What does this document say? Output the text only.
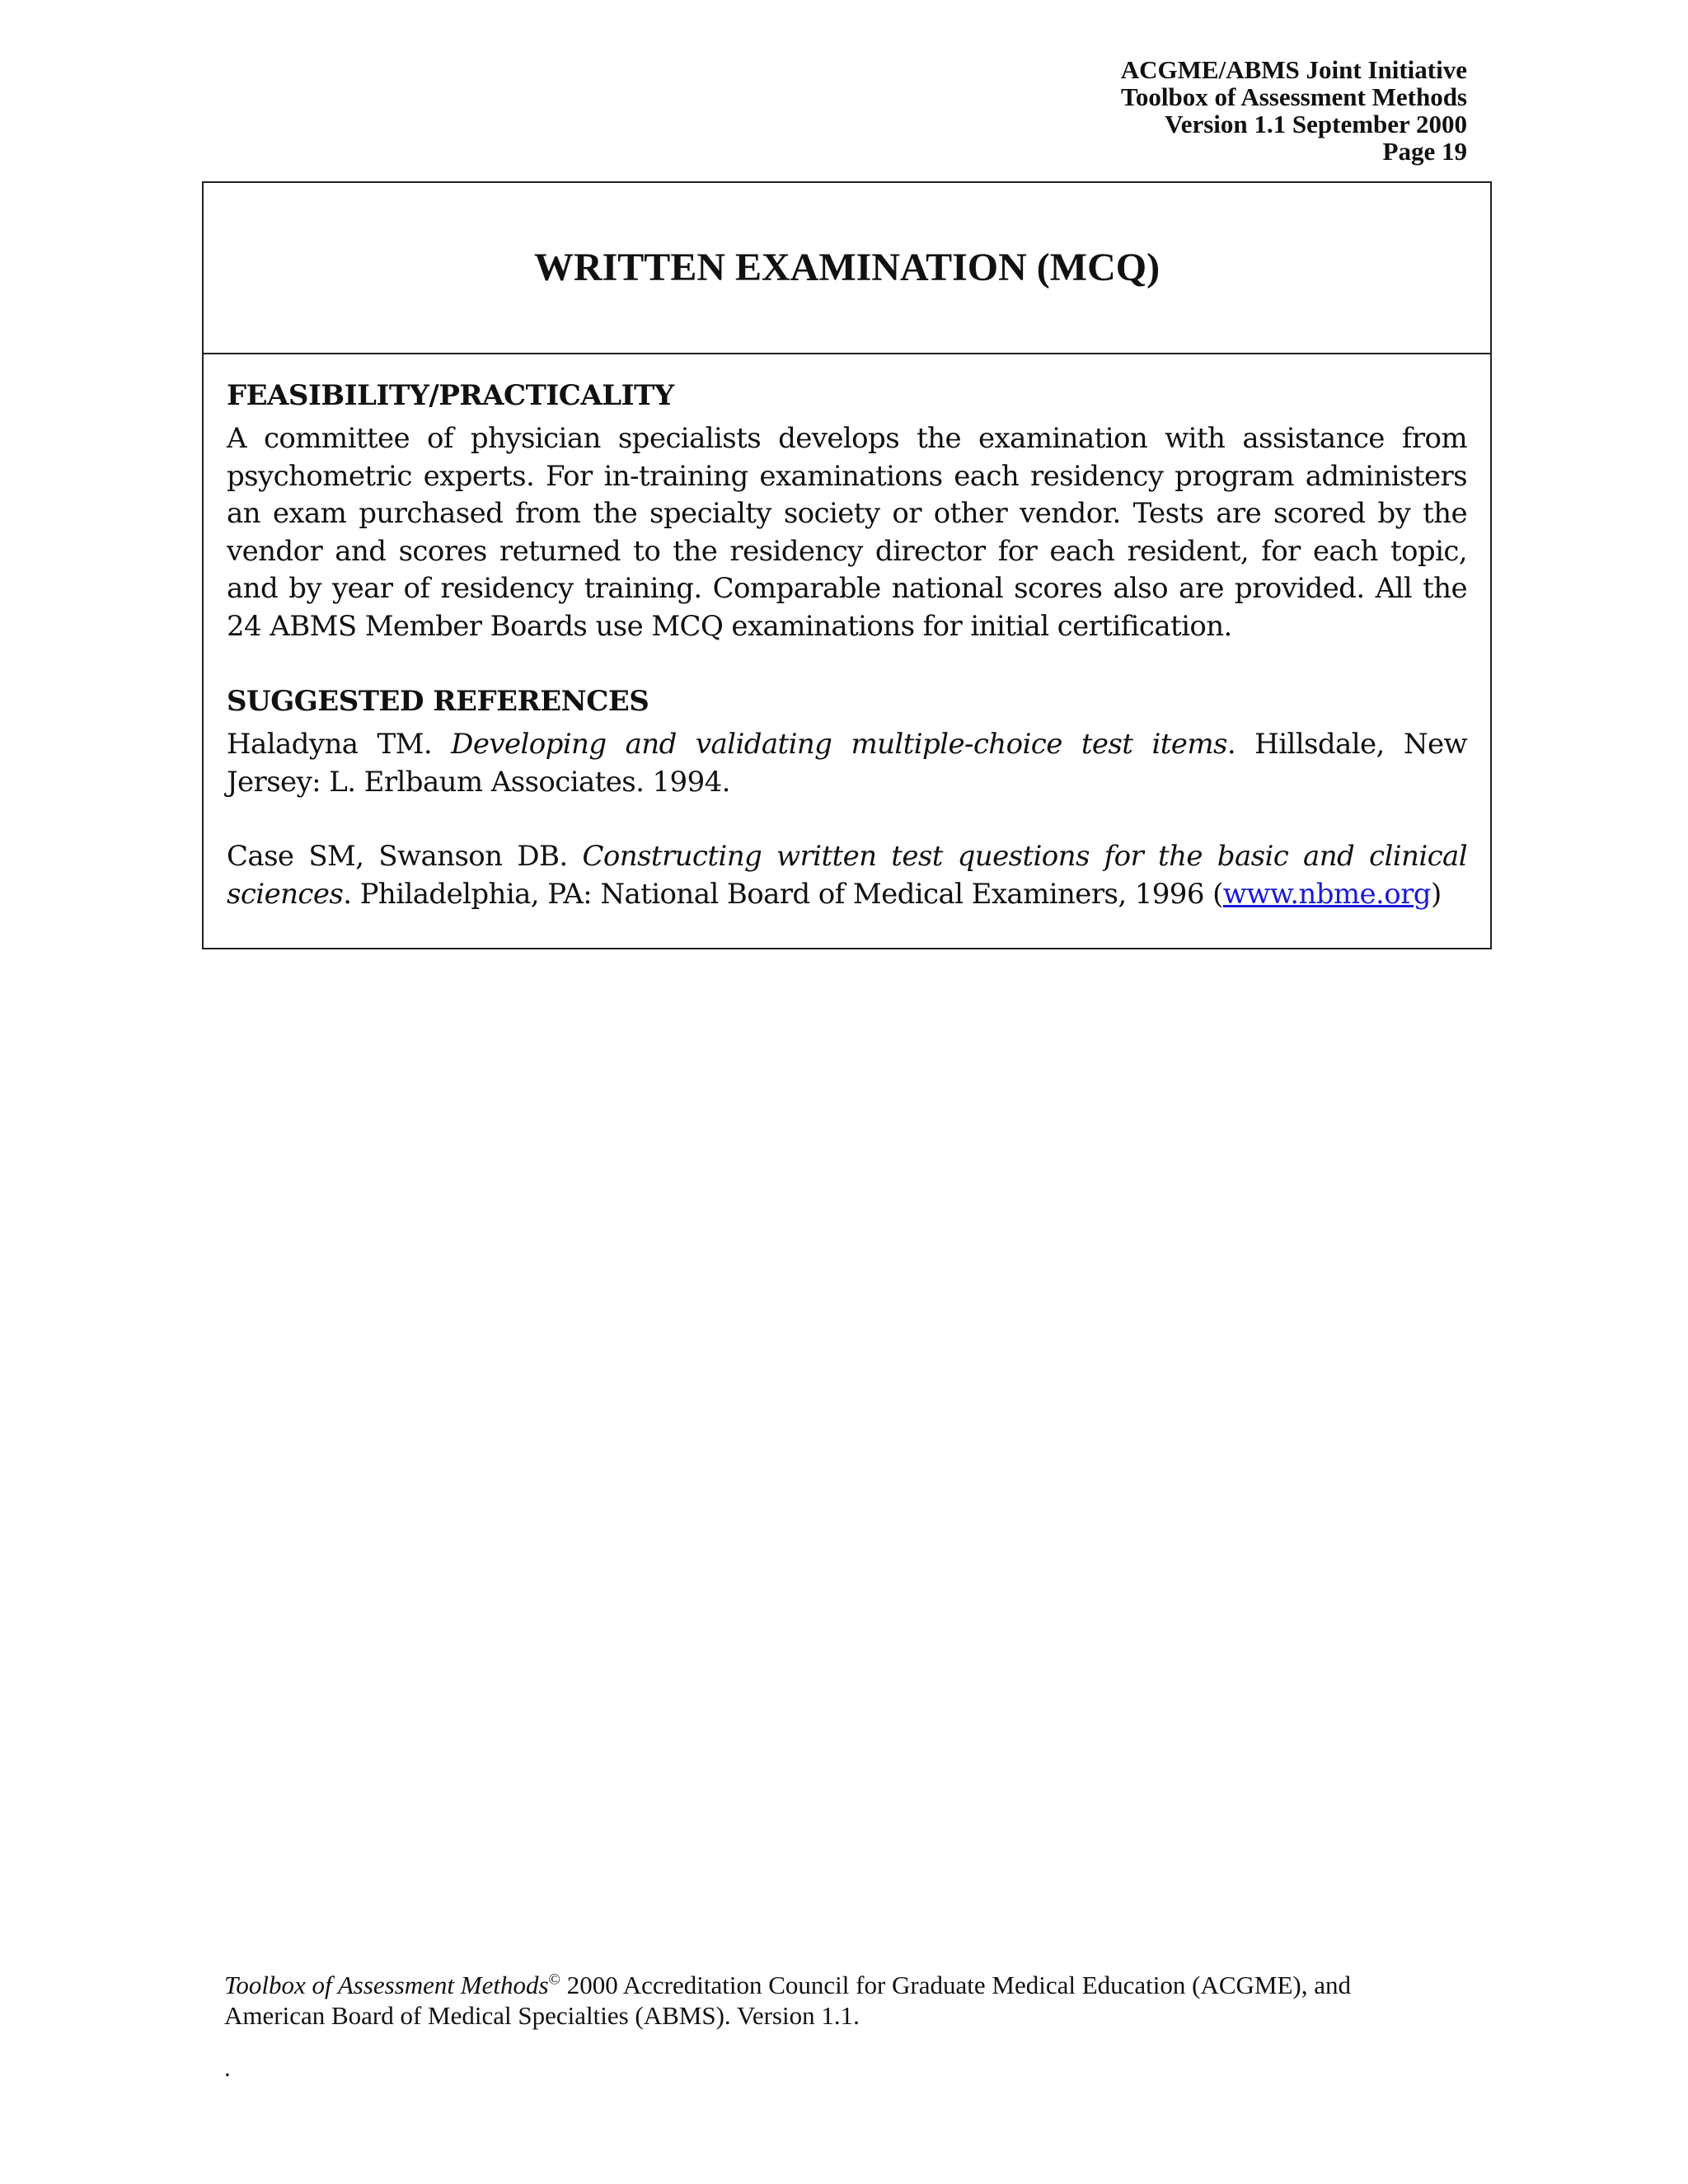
ACGME/ABMS Joint Initiative
Toolbox of Assessment Methods
Version 1.1 September 2000
Page 19
WRITTEN EXAMINATION (MCQ)
FEASIBILITY/PRACTICALITY

A committee of physician specialists develops the examination with assistance from psychometric experts. For in-training examinations each residency program administers an exam purchased from the specialty society or other vendor. Tests are scored by the vendor and scores returned to the residency director for each resident, for each topic, and by year of residency training. Comparable national scores also are provided. All the 24 ABMS Member Boards use MCQ examinations for initial certification.

SUGGESTED REFERENCES

Haladyna TM. Developing and validating multiple-choice test items. Hillsdale, New Jersey: L. Erlbaum Associates. 1994.

Case SM, Swanson DB. Constructing written test questions for the basic and clinical sciences. Philadelphia, PA: National Board of Medical Examiners, 1996 (www.nbme.org)

Toolbox of Assessment Methods© 2000 Accreditation Council for Graduate Medical Education (ACGME), and
American Board of Medical Specialties (ABMS). Version 1.1.
.
